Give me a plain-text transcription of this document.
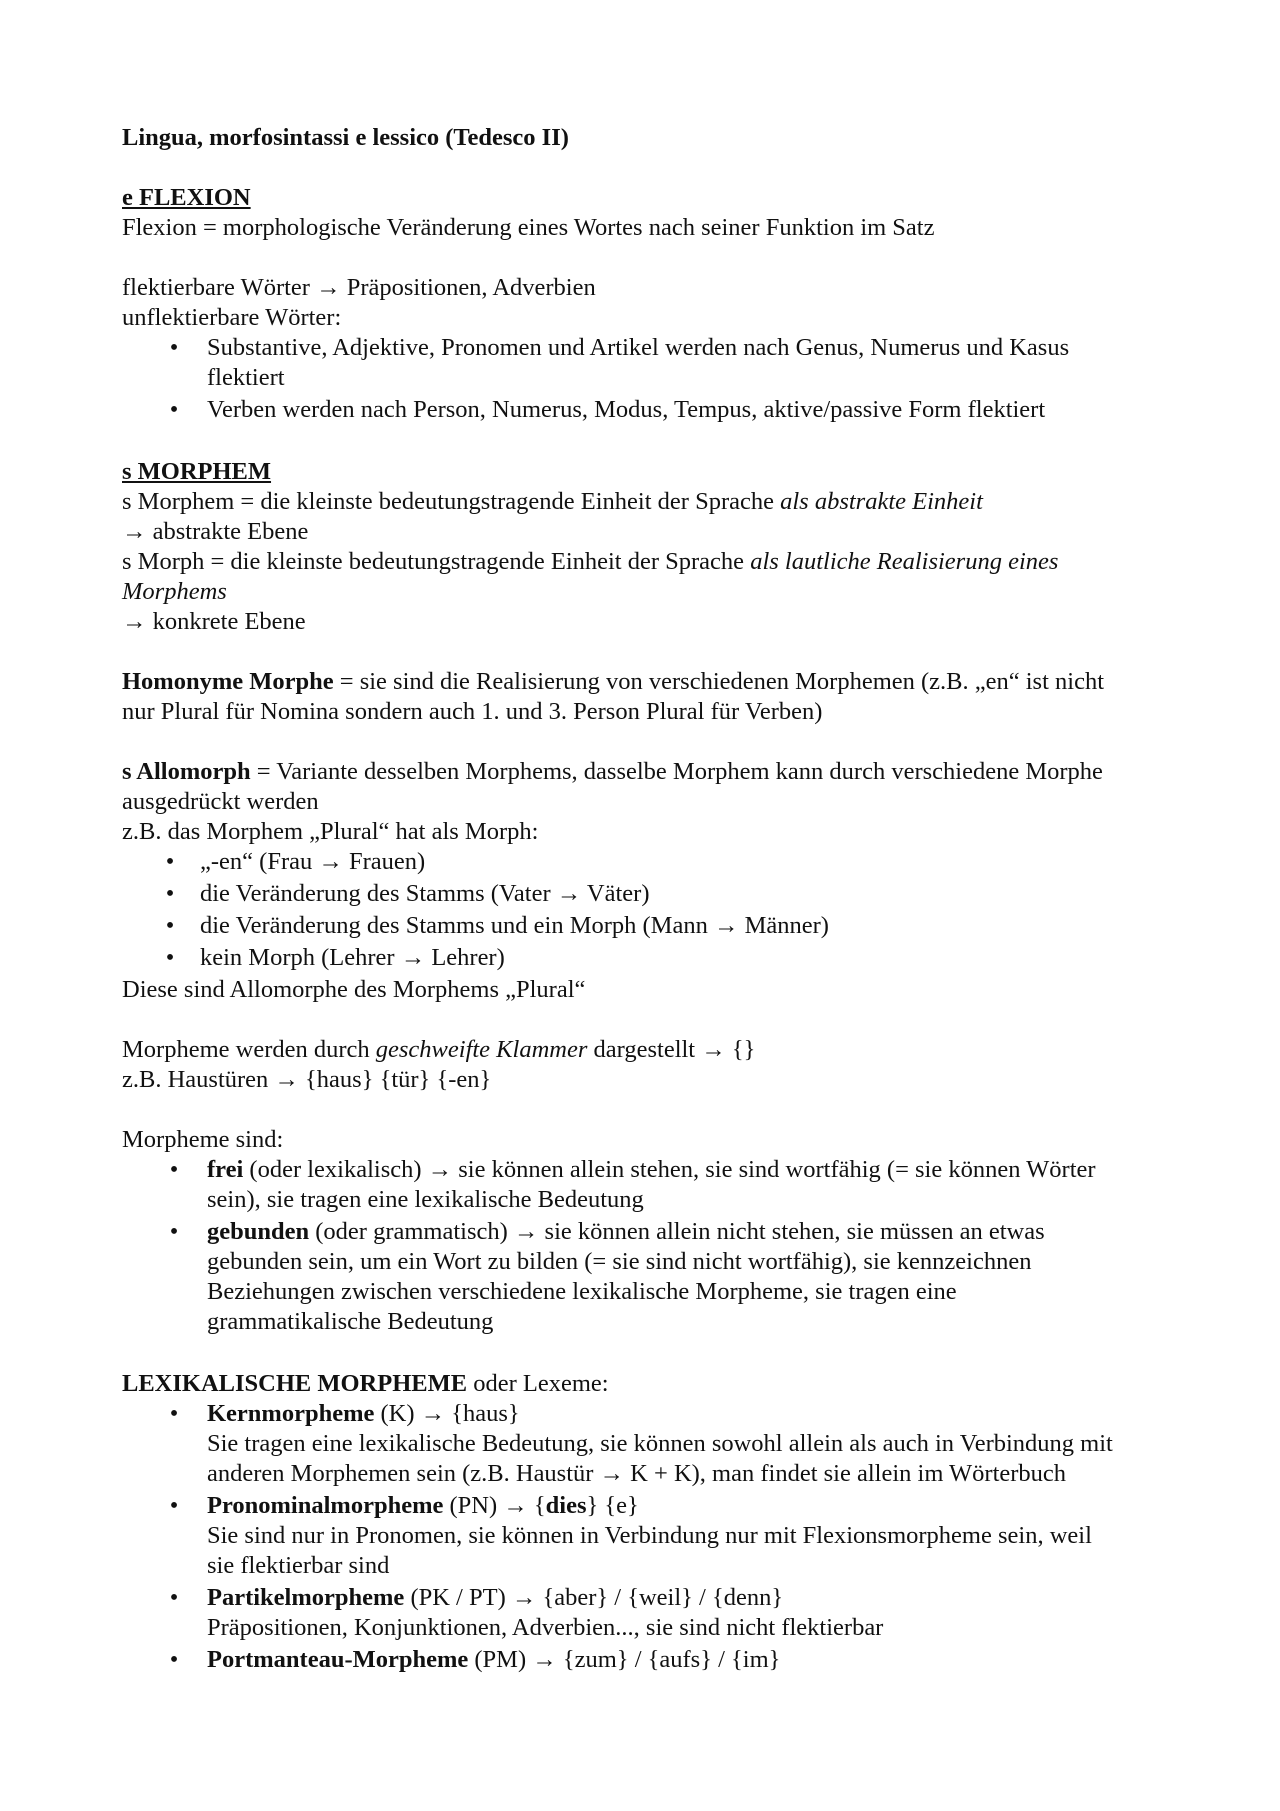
Lingua, morfosintassi e lessico (Tedesco II)

e FLEXION

Flexion = morphologische Veränderung eines Wortes nach seiner Funktion im Satz

flektierbare Wörter → Präpositionen, Adverbien

unflektierbare Wörter:

• Substantive, Adjektive, Pronomen und Artikel werden nach Genus, Numerus und Kasus
flektiert
• Verben werden nach Person, Numerus, Modus, Tempus, aktive/passive Form flektiert

s MORPHEM

s Morphem = die kleinste bedeutungstragende Einheit der Sprache als abstrakte Einheit

→ abstrakte Ebene

s Morph = die kleinste bedeutungstragende Einheit der Sprache als lautliche Realisierung eines

Morphems

→ konkrete Ebene

Homonyme Morphe = sie sind die Realisierung von verschiedenen Morphemen (z.B. „en“ ist nicht

nur Plural für Nomina sondern auch 1. und 3. Person Plural für Verben)

s Allomorph = Variante desselben Morphems, dasselbe Morphem kann durch verschiedene Morphe

ausgedrückt werden

z.B. das Morphem „Plural“ hat als Morph:

• „-en“ (Frau → Frauen)
• die Veränderung des Stamms (Vater → Väter)
• die Veränderung des Stamms und ein Morph (Mann → Männer)
• kein Morph (Lehrer → Lehrer)

Diese sind Allomorphe des Morphems „Plural“

Morpheme werden durch geschweifte Klammer dargestellt → {}

z.B. Haustüren → {haus} {tür} {-en}

Morpheme sind:

• frei (oder lexikalisch) → sie können allein stehen, sie sind wortfähig (= sie können Wörter
sein), sie tragen eine lexikalische Bedeutung
• gebunden (oder grammatisch) → sie können allein nicht stehen, sie müssen an etwas
gebunden sein, um ein Wort zu bilden (= sie sind nicht wortfähig), sie kennzeichnen
Beziehungen zwischen verschiedene lexikalische Morpheme, sie tragen eine
grammatikalische Bedeutung

LEXIKALISCHE MORPHEME oder Lexeme:

• Kernmorpheme (K) → {haus}
Sie tragen eine lexikalische Bedeutung, sie können sowohl allein als auch in Verbindung mit
anderen Morphemen sein (z.B. Haustür → K + K), man findet sie allein im Wörterbuch
• Pronominalmorpheme (PN) → {dies} {e}
Sie sind nur in Pronomen, sie können in Verbindung nur mit Flexionsmorpheme sein, weil
sie flektierbar sind
• Partikelmorpheme (PK / PT) → {aber} / {weil} / {denn}
Präpositionen, Konjunktionen, Adverbien..., sie sind nicht flektierbar
• Portmanteau-Morpheme (PM) → {zum} / {aufs} / {im}
